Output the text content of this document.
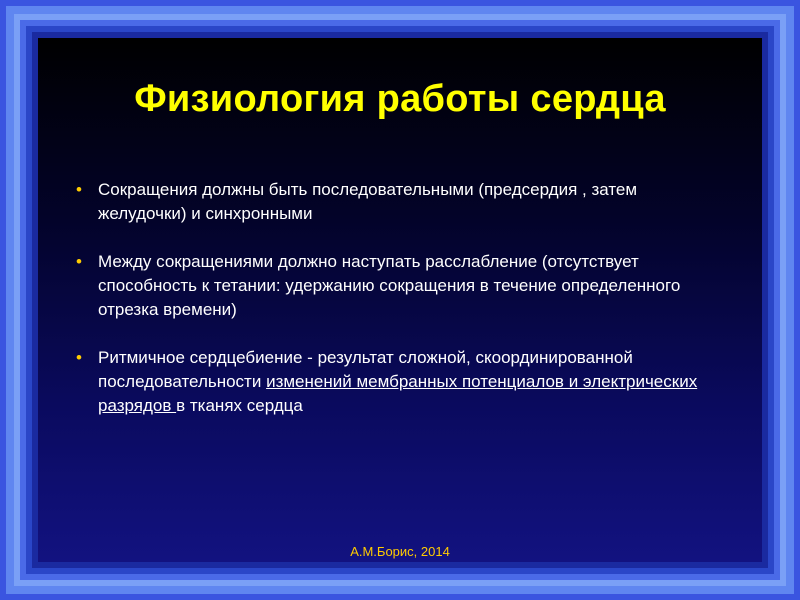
Физиология работы сердца
• Сокращения должны быть последовательными (предсердия , затем желудочки) и синхронными
• Между сокращениями должно наступать расслабление (отсутствует способность к тетании: удержанию сокращения в течение определенного отрезка времени)
• Ритмичное сердцебиение - результат сложной, скоординированной последовательности изменений мембранных потенциалов и электрических разрядов в тканях сердца
А.М.Борис, 2014
